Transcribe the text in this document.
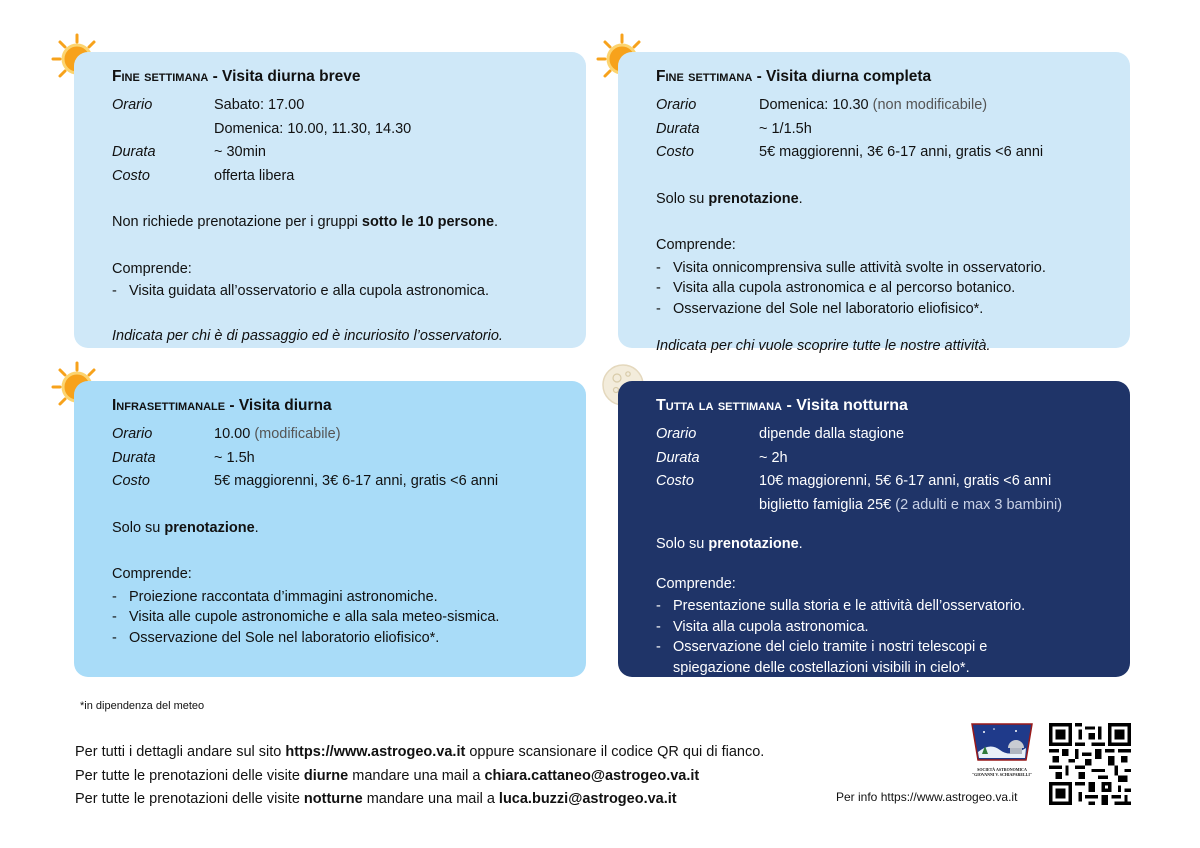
Fine settimana - Visita diurna breve
Orario	Sabato: 17.00
Domenica: 10.00, 11.30, 14.30
Durata	~ 30min
Costo	offerta libera

Non richiede prenotazione per i gruppi sotto le 10 persone.

Comprende:

- Visita guidata all’osservatorio e alla cupola astronomica.

Indicata per chi è di passaggio ed è incuriosito l’osservatorio.

Fine settimana - Visita diurna completa
Orario	Domenica: 10.30 (non modificabile)
Durata	~ 1/1.5h
Costo	5€ maggiorenni, 3€ 6-17 anni, gratis <6 anni

Solo su prenotazione.

Comprende:

- Visita onnicomprensiva sulle attività svolte in osservatorio.
- Visita alla cupola astronomica e al percorso botanico.
- Osservazione del Sole nel laboratorio eliofisico*.

Indicata per chi vuole scoprire tutte le nostre attività.

Infrasettimanale - Visita diurna
Orario	10.00 (modificabile)
Durata	~ 1.5h
Costo	5€ maggiorenni, 3€ 6-17 anni, gratis <6 anni

Solo su prenotazione.

Comprende:

- Proiezione raccontata d’immagini astronomiche.
- Visita alle cupole astronomiche e alla sala meteo-sismica.
- Osservazione del Sole nel laboratorio eliofisico*.
Tutta la settimana - Visita notturna
Orario	dipende dalla stagione
Durata	~ 2h
Costo	10€ maggiorenni, 5€ 6-17 anni, gratis <6 anni
biglietto famiglia 25€ (2 adulti e max 3 bambini)

Solo su prenotazione.

Comprende:

- Presentazione sulla storia e le attività dell’osservatorio.
- Visita alla cupola astronomica.
- Osservazione del cielo tramite i nostri telescopi e
spiegazione delle costellazioni visibili in cielo*.
*in dipendenza del meteo
Per tutti i dettagli andare sul sito https://www.astrogeo.va.it oppure scansionare il codice QR qui di fianco.
Per tutte le prenotazioni delle visite diurne mandare una mail a chiara.cattaneo@astrogeo.va.it
Per tutte le prenotazioni delle visite notturne mandare una mail a luca.buzzi@astrogeo.va.it
SOCIETÀ ASTRONOMICA "GIOVANNI V. SCHIAPARELLI"
Per info https://www.astrogeo.va.it
